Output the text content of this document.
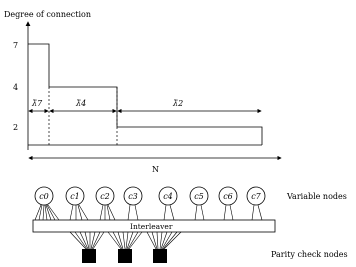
Degree of connection
7
4
2
λ̃7	λ̃4	λ̃2
N
Interleaver
c0	c1	c2 c3	c4	c5 c6 c7	Variable nodes
Parity check nodes
